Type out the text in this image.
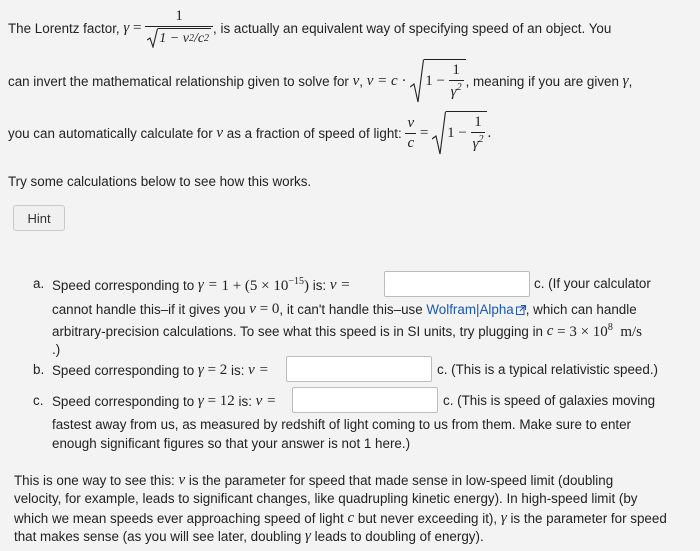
The Lorentz factor, $\gamma = \frac{1}{1 - v 2 /c 2}$ , is actually an equivalent way of specifying speed of an object. You
can invert the mathematical relationship given to solve for v , $v = c \cdot 1 - \frac{1}{\gamma^2}$ , meaning if you are given γ ,
you can automatically calculate for v as a fraction of speed of light: $\frac{v}{c} = 1 - \frac{1}{\gamma^2}$ .
Try some calculations below to see how this works.
Hint
a. Speed corresponding to $\gamma = 1 + (5 \times 10^{-15})$ is: v =	c. (If your calculator
cannot handle this–if it gives you v = 0 , it can't handle this–use Wolfram|Alpha , which can handle
arbitrary-precision calculations. To see what this speed is in SI units, try plugging in $c = 3 \times 10^8$  m/s
.)
b. Speed corresponding to γ = 2 is: v =	c. (This is a typical relativistic speed.)
c. Speed corresponding to γ = 12 is: v =	c. (This is speed of galaxies moving
fastest away from us, as measured by redshift of light coming to us from them. Make sure to enter
enough significant figures so that your answer is not 1 here.)
This is one way to see this: v is the parameter for speed that made sense in low-speed limit (doubling
velocity, for example, leads to significant changes, like quadrupling kinetic energy). In high-speed limit (by
which we mean speeds ever approaching speed of light c but never exceeding it), γ is the parameter for speed
that makes sense (as you will see later, doubling γ leads to doubling of energy).
